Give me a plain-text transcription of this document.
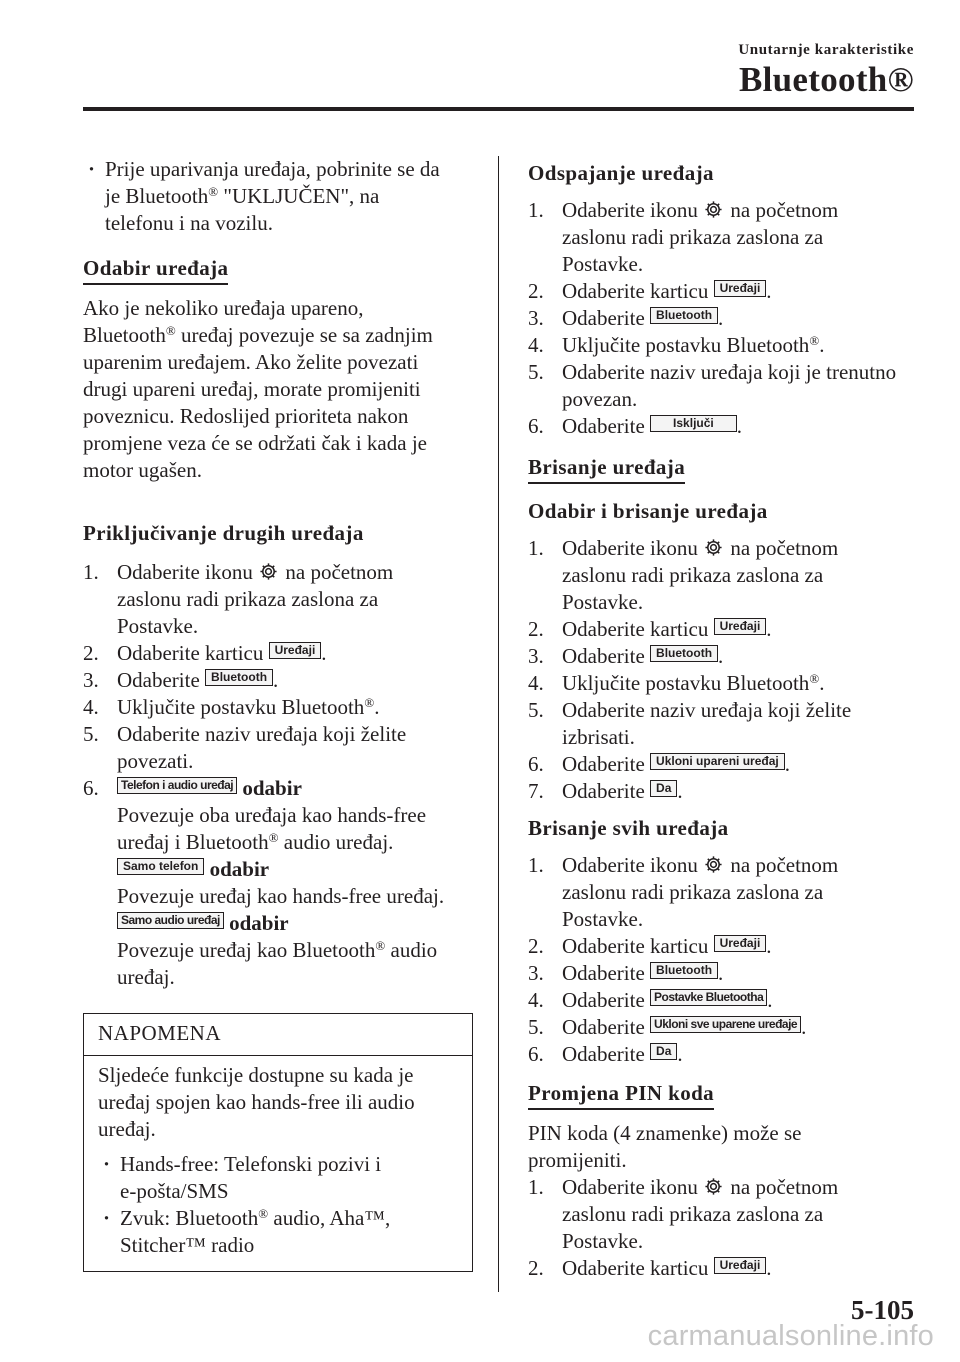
Unutarnje karakteristike
Bluetooth®

· Prije uparivanja uređaja, pobrinite se da
je Bluetooth® "UKLJUČEN", na
telefonu i na vozilu.

Odabir uređaja

Ako je nekoliko uređaja upareno,
Bluetooth® uređaj povezuje se sa zadnjim
uparenim uređajem. Ako želite povezati
drugi upareni uređaj, morate promijeniti
poveznicu. Redoslijed prioriteta nakon
promjene veza će se održati čak i kada je
motor ugašen.

Priključivanje drugih uređaja

1. Odaberite ikonu na početnom
zaslonu radi prikaza zaslona za
Postavke.

2. Odaberite karticu Uređaji .

3. Odaberite Bluetooth .

4. Uključite postavku Bluetooth®.

5. Odaberite naziv uređaja koji želite
povezati.

6. Telefon i audio uređaj odabir

Povezuje oba uređaja kao hands-free
uređaj i Bluetooth® audio uređaj.

Samo telefon odabir

Povezuje uređaj kao hands-free uređaj.

Samo audio uređaj odabir

Povezuje uređaj kao Bluetooth® audio
uređaj.

NAPOMENA

Sljedeće funkcije dostupne su kada je
uređaj spojen kao hands-free ili audio
uređaj.

· Hands-free: Telefonski pozivi i
e-pošta/SMS

· Zvuk: Bluetooth® audio, Aha™,
Stitcher™ radio

Odspajanje uređaja

1. Odaberite ikonu na početnom
zaslonu radi prikaza zaslona za
Postavke.

2. Odaberite karticu Uređaji .

3. Odaberite Bluetooth .

4. Uključite postavku Bluetooth®.

5. Odaberite naziv uređaja koji je trenutno
povezan.

6. Odaberite Isključi .

Brisanje uređaja
Odabir i brisanje uređaja

1. Odaberite ikonu na početnom
zaslonu radi prikaza zaslona za
Postavke.

2. Odaberite karticu Uređaji .

3. Odaberite Bluetooth .

4. Uključite postavku Bluetooth®.

5. Odaberite naziv uređaja koji želite
izbrisati.

6. Odaberite Ukloni upareni uređaj .

7. Odaberite Da .

Brisanje svih uređaja

1. Odaberite ikonu na početnom
zaslonu radi prikaza zaslona za
Postavke.

2. Odaberite karticu Uređaji .

3. Odaberite Bluetooth .

4. Odaberite Postavke Bluetootha .

5. Odaberite Ukloni sve uparene uređaje .

6. Odaberite Da .

Promjena PIN koda

PIN koda (4 znamenke) može se
promijeniti.

1. Odaberite ikonu na početnom
zaslonu radi prikaza zaslona za
Postavke.

2. Odaberite karticu Uređaji .

5-105
carmanualsonline.info
